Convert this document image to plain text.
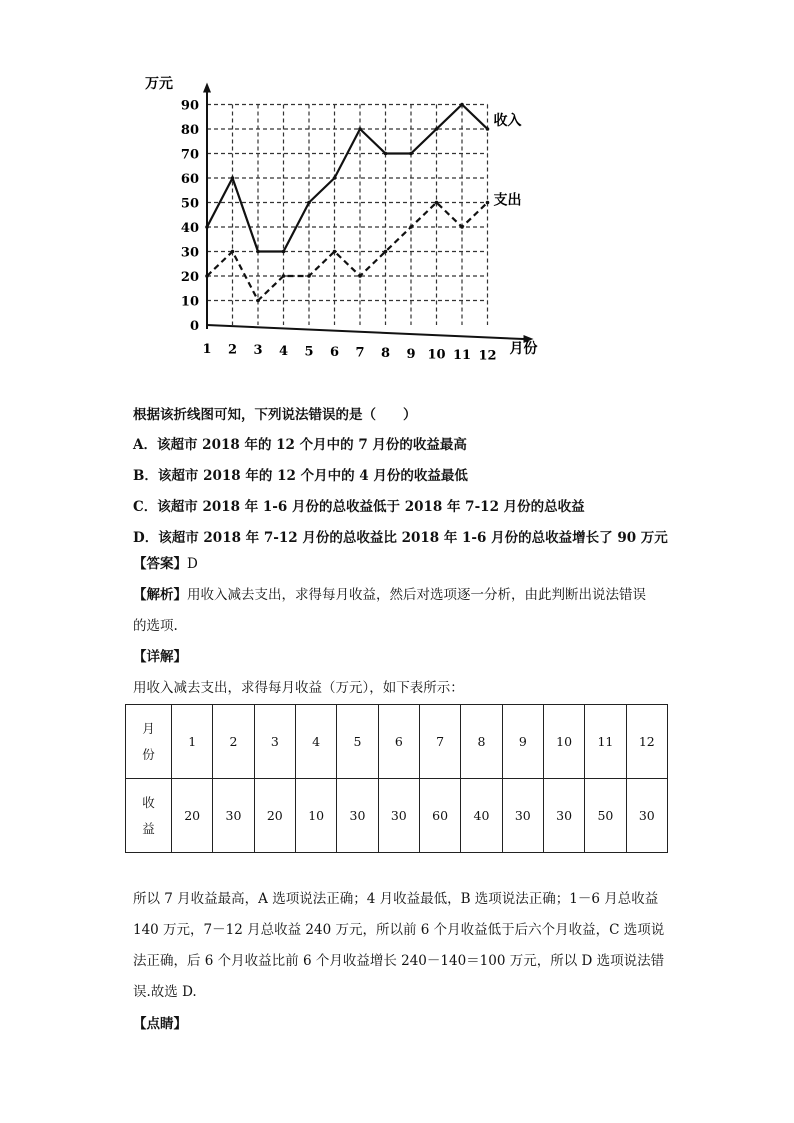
0
10
20
30
40
50
60
70
80
90
1 2 3 4 5 6 7 8 9 10 11 12
收入
支出
万元
月份
根据该折线图可知，下列说法错误的是（　　）
A．该超市 2018 年的 12 个月中的 7 月份的收益最高
B．该超市 2018 年的 12 个月中的 4 月份的收益最低
C．该超市 2018 年 1-6 月份的总收益低于 2018 年 7-12 月份的总收益
D．该超市 2018 年 7-12 月份的总收益比 2018 年 1-6 月份的总收益增长了 90 万元
【答案】D
【解析】用收入减去支出，求得每月收益，然后对选项逐一分析，由此判断出说法错误
的选项.
【详解】
用收入减去支出，求得每月收益（万元），如下表所示：
月
份	1	2	3	4	5	6	7	8	9	10	11	12
收
益	20	30	20	10	30	30	60	40	30	30	50	30
所以 7 月收益最高，A 选项说法正确；4 月收益最低，B 选项说法正确；1－6 月总收益
140 万元，7－12 月总收益 240 万元，所以前 6 个月收益低于后六个月收益，C 选项说
法正确，后 6 个月收益比前 6 个月收益增长 240－140＝100 万元，所以 D 选项说法错
误.故选 D.
【点睛】
